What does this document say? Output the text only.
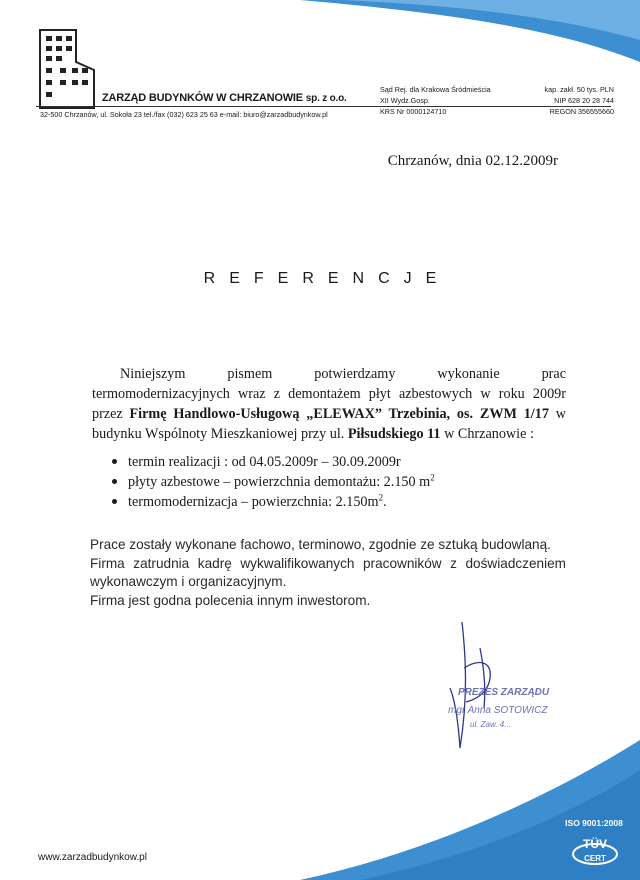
ZARZĄD BUDYNKÓW W CHRZANOWIE sp. z o.o.
32-500 Chrzanów, ul. Sokoła 23 tel./fax (032) 623 25 63 e-mail: biuro@zarzadbudynkow.pl
Sąd Rej. dla Krakowa Śródmieścia
XII Wydz.Gosp.
KRS Nr 0000124710
kap. zakł. 50 tys. PLN
NIP 628 20 28 744
REGON 356555660
Chrzanów, dnia 02.12.2009r
REFERENCJE
Niniejszym pismem potwierdzamy wykonanie prac
termomodernizacyjnych wraz z demontażem płyt azbestowych w roku 2009r
przez Firmę Handlowo-Usługową „ELEWAX” Trzebinia, os. ZWM 1/17 w
budynku Wspólnoty Mieszkaniowej przy ul. Piłsudskiego 11 w Chrzanowie :
termin realizacji : od 04.05.2009r – 30.09.2009r
płyty azbestowe – powierzchnia demontażu: 2.150 $m^2$
termomodernizacja – powierzchnia: $2.150m^2$.
Prace zostały wykonane fachowo, terminowo, zgodnie ze sztuką budowlaną.
Firma zatrudnia kadrę wykwalifikowanych pracowników z doświadczeniem
wykonawczym i organizacyjnym.
Firma jest godna polecenia innym inwestorom.
PREZES ZARZĄDU
mgr Anna SOTOWICZ
ul. Zaw. 4...
www.zarzadbudynkow.pl
ISO 9001:2008
TÜV
CERT
